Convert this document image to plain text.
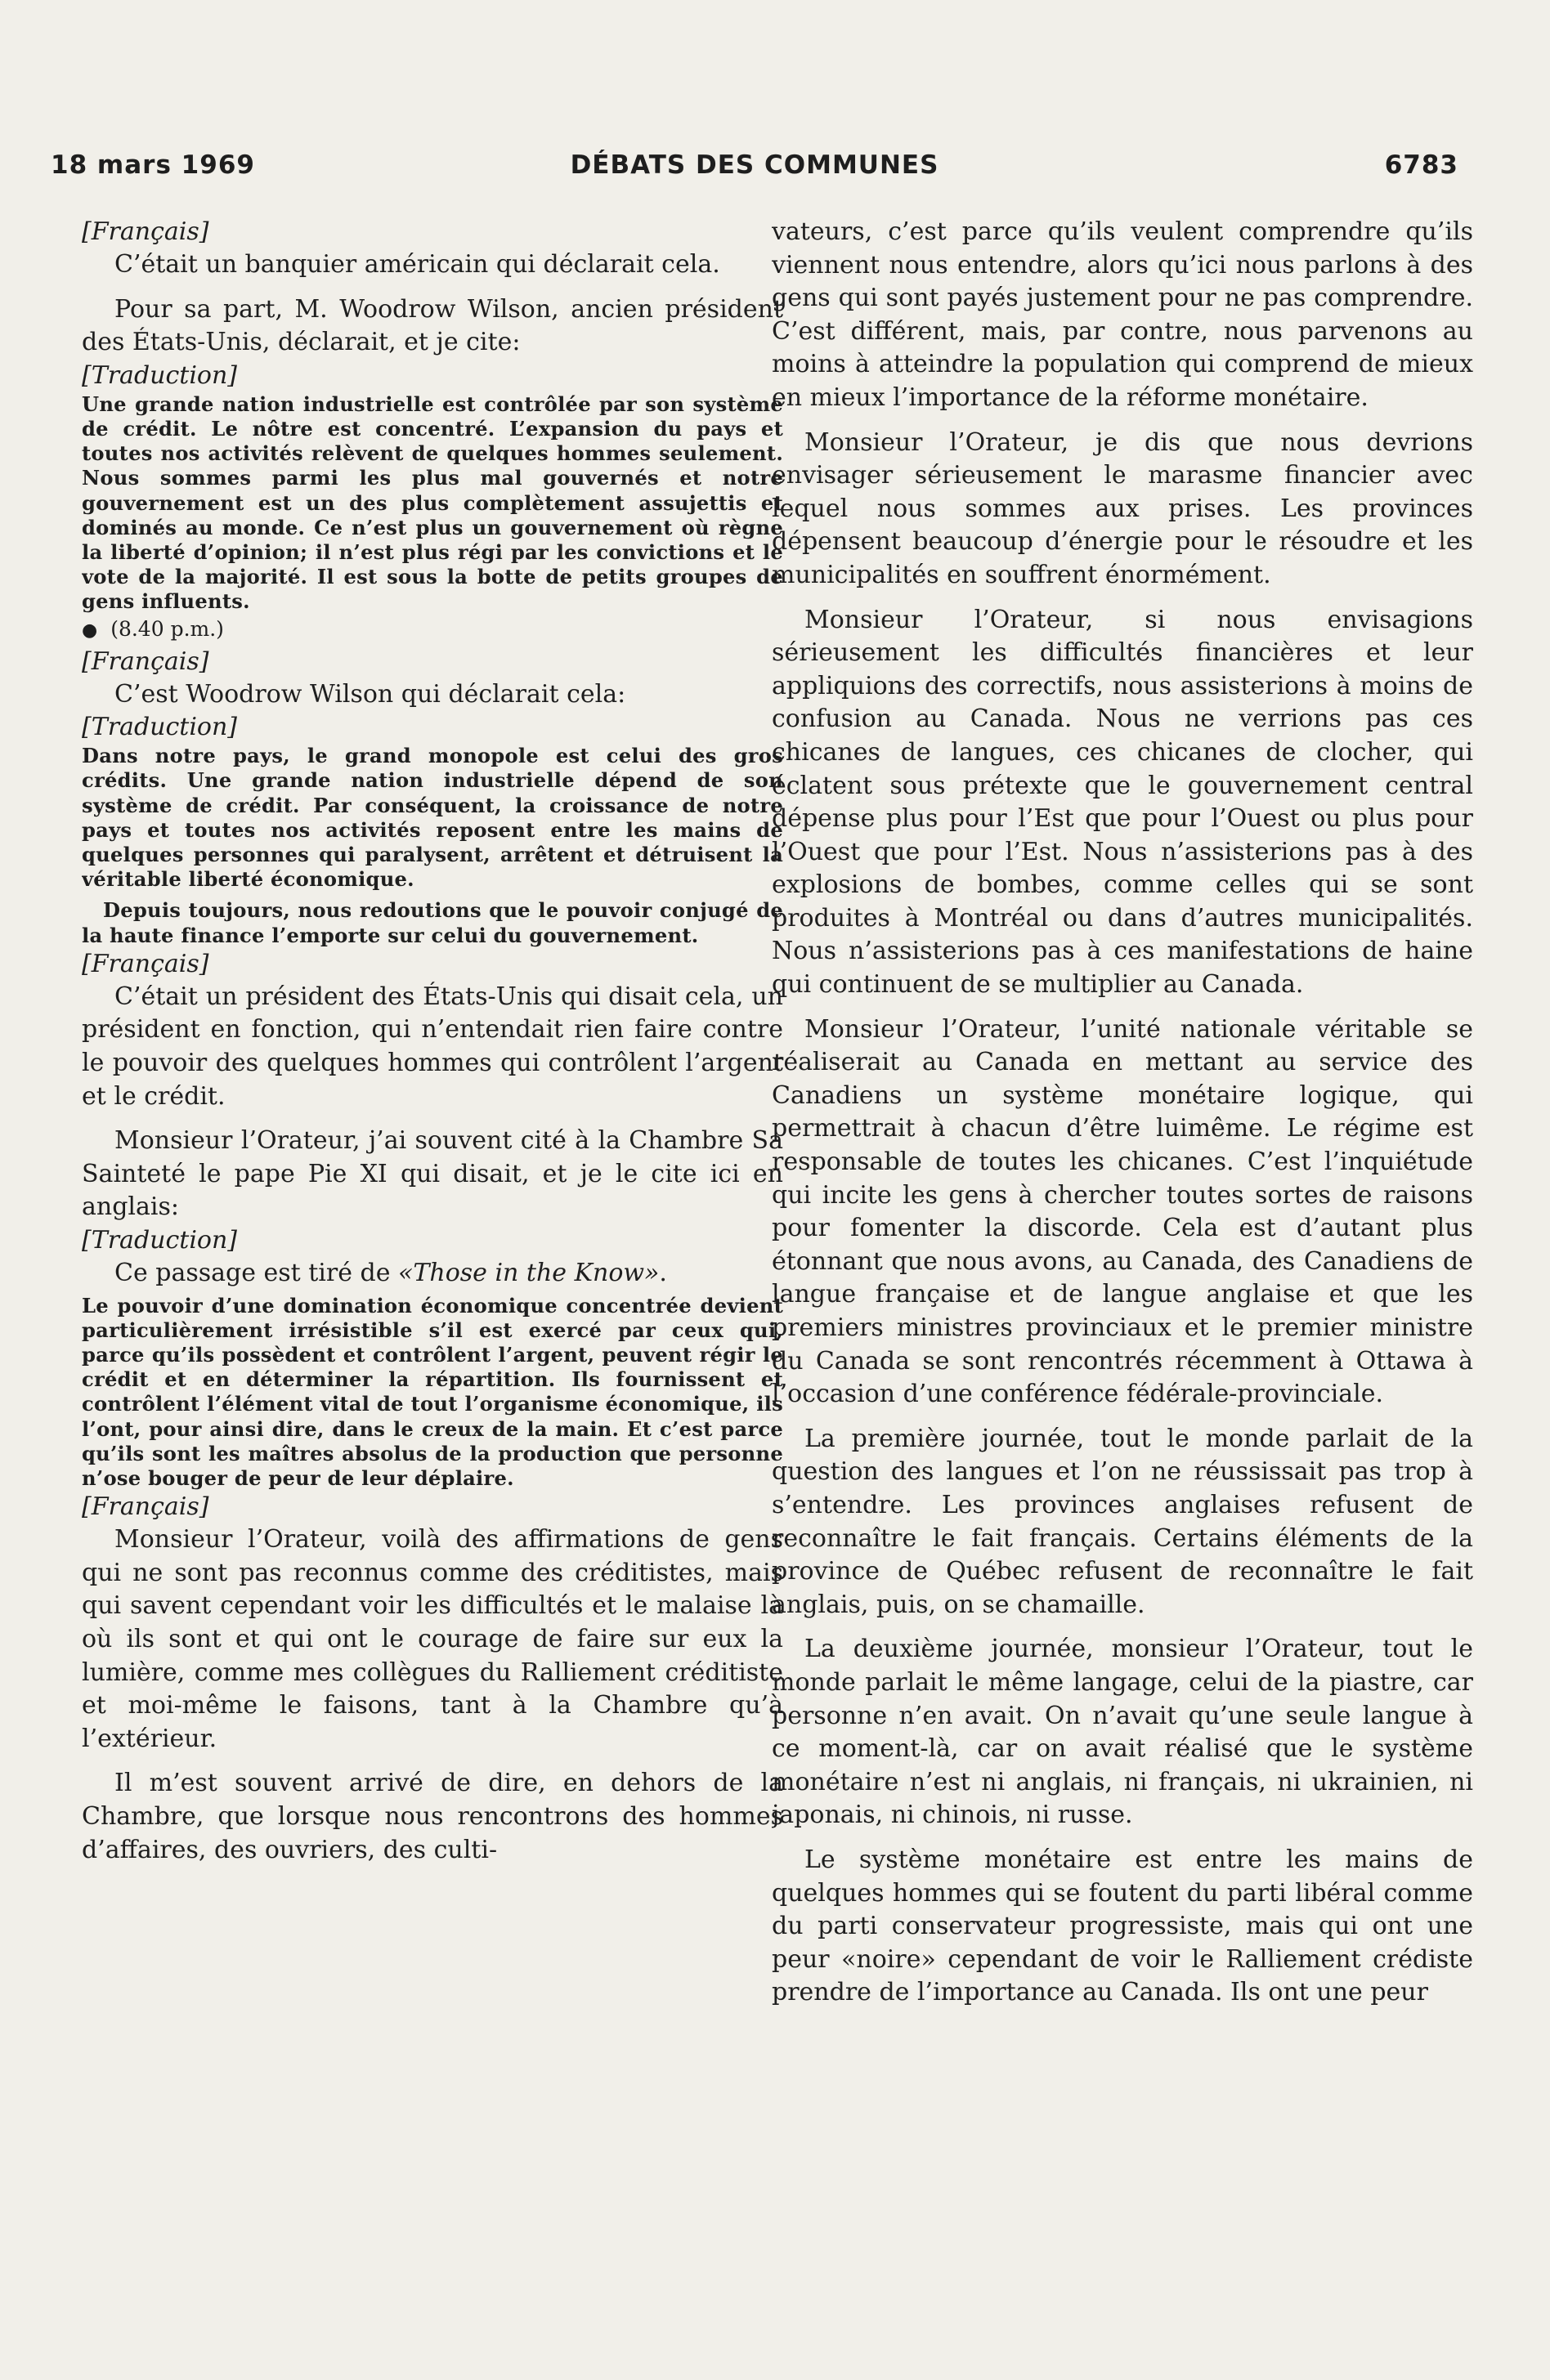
18 mars 1969	DÉBATS DES COMMUNES	6783

[Français]

C’était un banquier américain qui déclarait cela.

Pour sa part, M. Woodrow Wilson, ancien président des États-Unis, déclarait, et je cite:

[Traduction]

Une grande nation industrielle est contrôlée par son système de crédit. Le nôtre est concentré. L’expansion du pays et toutes nos activités relèvent de quelques hommes seulement. Nous sommes parmi les plus mal gouvernés et notre gouvernement est un des plus complètement assujettis et dominés au monde. Ce n’est plus un gouvernement où règne la liberté d’opinion; il n’est plus régi par les convictions et le vote de la majorité. Il est sous la botte de petits groupes de gens influents.

● (8.40 p.m.)

[Français]

C’est Woodrow Wilson qui déclarait cela:

[Traduction]

Dans notre pays, le grand monopole est celui des gros crédits. Une grande nation industrielle dépend de son système de crédit. Par conséquent, la croissance de notre pays et toutes nos activités reposent entre les mains de quelques personnes qui paralysent, arrêtent et détruisent la véritable liberté économique.

Depuis toujours, nous redoutions que le pouvoir conjugé de la haute finance l’emporte sur celui du gouvernement.

[Français]

C’était un président des États-Unis qui disait cela, un président en fonction, qui n’entendait rien faire contre le pouvoir des quelques hommes qui contrôlent l’argent et le crédit.

Monsieur l’Orateur, j’ai souvent cité à la Chambre Sa Sainteté le pape Pie XI qui disait, et je le cite ici en anglais:

[Traduction]

Ce passage est tiré de «Those in the Know».

Le pouvoir d’une domination économique concentrée devient particulièrement irrésistible s’il est exercé par ceux qui, parce qu’ils possèdent et contrôlent l’argent, peuvent régir le crédit et en déterminer la répartition. Ils fournissent et contrôlent l’élément vital de tout l’organisme économique, ils l’ont, pour ainsi dire, dans le creux de la main. Et c’est parce qu’ils sont les maîtres absolus de la production que personne n’ose bouger de peur de leur déplaire.

[Français]

Monsieur l’Orateur, voilà des affirmations de gens qui ne sont pas reconnus comme des créditistes, mais qui savent cependant voir les difficultés et le malaise là où ils sont et qui ont le courage de faire sur eux la lumière, comme mes collègues du Ralliement créditiste et moi-même le faisons, tant à la Chambre qu’à l’extérieur.

Il m’est souvent arrivé de dire, en dehors de la Chambre, que lorsque nous rencontrons des hommes d’affaires, des ouvriers, des culti-

vateurs, c’est parce qu’ils veulent comprendre qu’ils viennent nous entendre, alors qu’ici nous parlons à des gens qui sont payés justement pour ne pas comprendre. C’est différent, mais, par contre, nous parvenons au moins à atteindre la population qui comprend de mieux en mieux l’importance de la réforme monétaire.

Monsieur l’Orateur, je dis que nous devrions envisager sérieusement le marasme financier avec lequel nous sommes aux prises. Les provinces dépensent beaucoup d’énergie pour le résoudre et les municipalités en souffrent énormément.

Monsieur l’Orateur, si nous envisagions sérieusement les difficultés financières et leur appliquions des correctifs, nous assisterions à moins de confusion au Canada. Nous ne verrions pas ces chicanes de langues, ces chicanes de clocher, qui éclatent sous prétexte que le gouvernement central dépense plus pour l’Est que pour l’Ouest ou plus pour l’Ouest que pour l’Est. Nous n’assisterions pas à des explosions de bombes, comme celles qui se sont produites à Montréal ou dans d’autres municipalités. Nous n’assisterions pas à ces manifestations de haine qui continuent de se multiplier au Canada.

Monsieur l’Orateur, l’unité nationale véritable se réaliserait au Canada en mettant au service des Canadiens un système monétaire logique, qui permettrait à chacun d’être luimême. Le régime est responsable de toutes les chicanes. C’est l’inquiétude qui incite les gens à chercher toutes sortes de raisons pour fomenter la discorde. Cela est d’autant plus étonnant que nous avons, au Canada, des Canadiens de langue française et de langue anglaise et que les premiers ministres provinciaux et le premier ministre du Canada se sont rencontrés récemment à Ottawa à l’occasion d’une conférence fédérale-provinciale.

La première journée, tout le monde parlait de la question des langues et l’on ne réussissait pas trop à s’entendre. Les provinces anglaises refusent de reconnaître le fait français. Certains éléments de la province de Québec refusent de reconnaître le fait anglais, puis, on se chamaille.

La deuxième journée, monsieur l’Orateur, tout le monde parlait le même langage, celui de la piastre, car personne n’en avait. On n’avait qu’une seule langue à ce moment-là, car on avait réalisé que le système monétaire n’est ni anglais, ni français, ni ukrainien, ni japonais, ni chinois, ni russe.

Le système monétaire est entre les mains de quelques hommes qui se foutent du parti libéral comme du parti conservateur progressiste, mais qui ont une peur «noire» cependant de voir le Ralliement crédiste prendre de l’importance au Canada. Ils ont une peur
